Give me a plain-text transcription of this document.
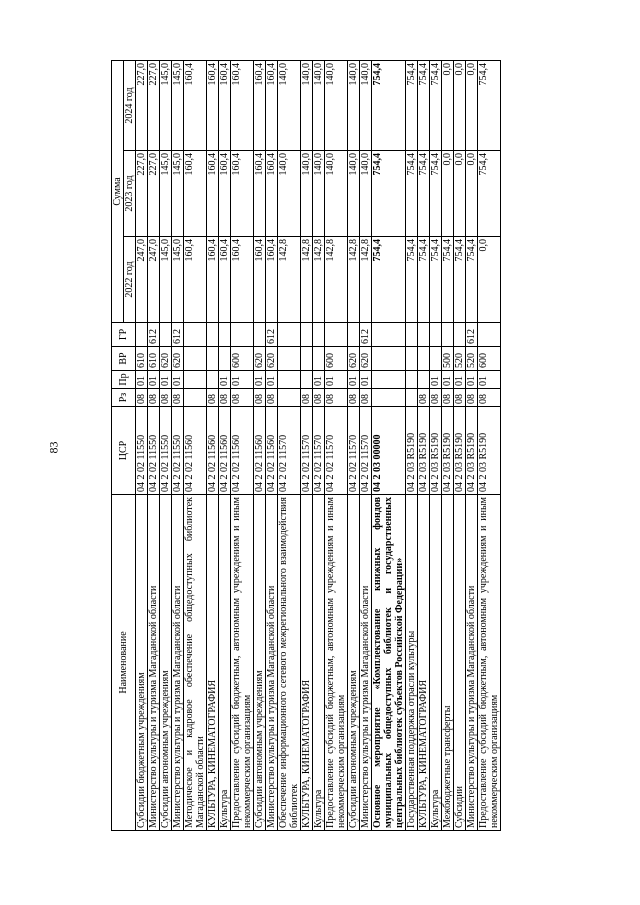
83
Наименование	ЦСР	Рз	Пр	ВР	ГР	Сумма		
						2022 год	2023 год	2024 год
Субсидии бюджетным учреждениям	04 2 02 11550	08	01	610		247,0	227,0	227,0
Министерство культуры и туризма Магаданской области	04 2 02 11550	08	01	610	612	247,0	227,0	227,0
Субсидии автономным учреждениям	04 2 02 11550	08	01	620		145,0	145,0	145,0
Министерство культуры и туризма Магаданской области	04 2 02 11550	08	01	620	612	145,0	145,0	145,0
Методическое и кадровое обеспечение общедоступных библиотек Магаданской области	04 2 02 11560					160,4	160,4	160,4
КУЛЬТУРА, КИНЕМАТОГРАФИЯ	04 2 02 11560	08				160,4	160,4	160,4
Культура	04 2 02 11560	08	01			160,4	160,4	160,4
Предоставление субсидий бюджетным, автономным учреждениям и иным некоммерческим организациям	04 2 02 11560	08	01	600		160,4	160,4	160,4
Субсидии автономным учреждениям	04 2 02 11560	08	01	620		160,4	160,4	160,4
Министерство культуры и туризма Магаданской области	04 2 02 11560	08	01	620	612	160,4	160,4	160,4
Обеспечение информационного сетевого межрегионального взаимодействия библиотек	04 2 02 11570					142,8	140,0	140,0
КУЛЬТУРА, КИНЕМАТОГРАФИЯ	04 2 02 11570	08				142,8	140,0	140,0
Культура	04 2 02 11570	08	01			142,8	140,0	140,0
Предоставление субсидий бюджетным, автономным учреждениям и иным некоммерческим организациям	04 2 02 11570	08	01	600		142,8	140,0	140,0
Субсидии автономным учреждениям	04 2 02 11570	08	01	620		142,8	140,0	140,0
Министерство культуры и туризма Магаданской области	04 2 02 11570	08	01	620	612	142,8	140,0	140,0
Основное мероприятие «Комплектование книжных фондов муниципальных общедоступных библиотек и государственных центральных библиотек субъектов Российской Федерации»	04 2 03 00000					754,4	754,4	754,4
Государственная поддержка отрасли культуры	04 2 03 R5190					754,4	754,4	754,4
КУЛЬТУРА, КИНЕМАТОГРАФИЯ	04 2 03 R5190	08				754,4	754,4	754,4
Культура	04 2 03 R5190	08	01			754,4	754,4	754,4
Межбюджетные трансферты	04 2 03 R5190	08	01	500		754,4	0,0	0,0
Субсидии	04 2 03 R5190	08	01	520		754,4	0,0	0,0
Министерство культуры и туризма Магаданской области	04 2 03 R5190	08	01	520	612	754,4	0,0	0,0
Предоставление субсидий бюджетным, автономным учреждениям и иным некоммерческим организациям	04 2 03 R5190	08	01	600		0,0	754,4	754,4
